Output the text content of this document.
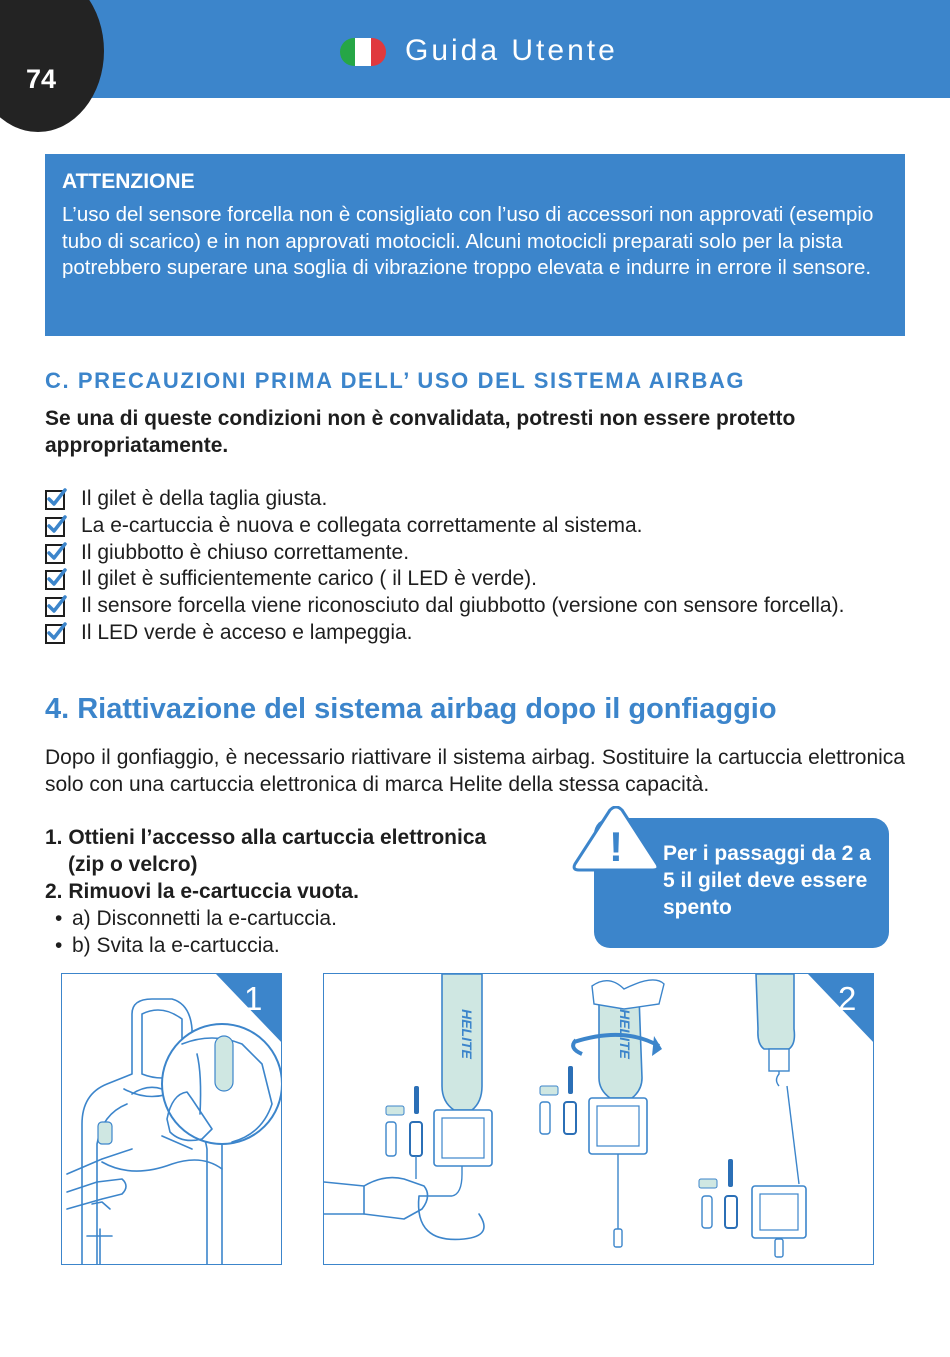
74
Guida Utente
ATTENZIONE
L’uso del sensore forcella non è consigliato con l’uso di accessori non approvati (esempio tubo di scarico) e in non approvati motocicli. Alcuni motocicli preparati solo per la pista potrebbero superare una soglia di vibrazione troppo elevata e indurre in errore il sensore.
C. PRECAUZIONI PRIMA DELL’ USO DEL SISTEMA AIRBAG
Se una di queste condizioni non è convalidata, potresti non essere protetto appropriatamente.
Il gilet è della taglia giusta.
La e-cartuccia è nuova e collegata correttamente al sistema.
Il giubbotto è chiuso correttamente.
Il gilet è sufficientemente carico ( il LED è verde).
Il sensore forcella viene riconosciuto dal giubbotto (versione con sensore forcella).
Il LED verde è acceso e lampeggia.
4. Riattivazione del sistema airbag dopo il gonfiaggio
Dopo il gonfiaggio, è necessario riattivare il sistema airbag. Sostituire la cartuccia elettronica solo con una cartuccia elettronica di marca Helite della stessa capacità.
1. Ottieni l’accesso alla cartuccia elettronica
(zip o velcro)
2. Rimuovi la e-cartuccia vuota.
• a) Disconnetti la e-cartuccia.
• b) Svita la e-cartuccia.
! Per i passaggi da 2 a 5 il gilet deve essere spento
1
HELITE	HELITE
2
